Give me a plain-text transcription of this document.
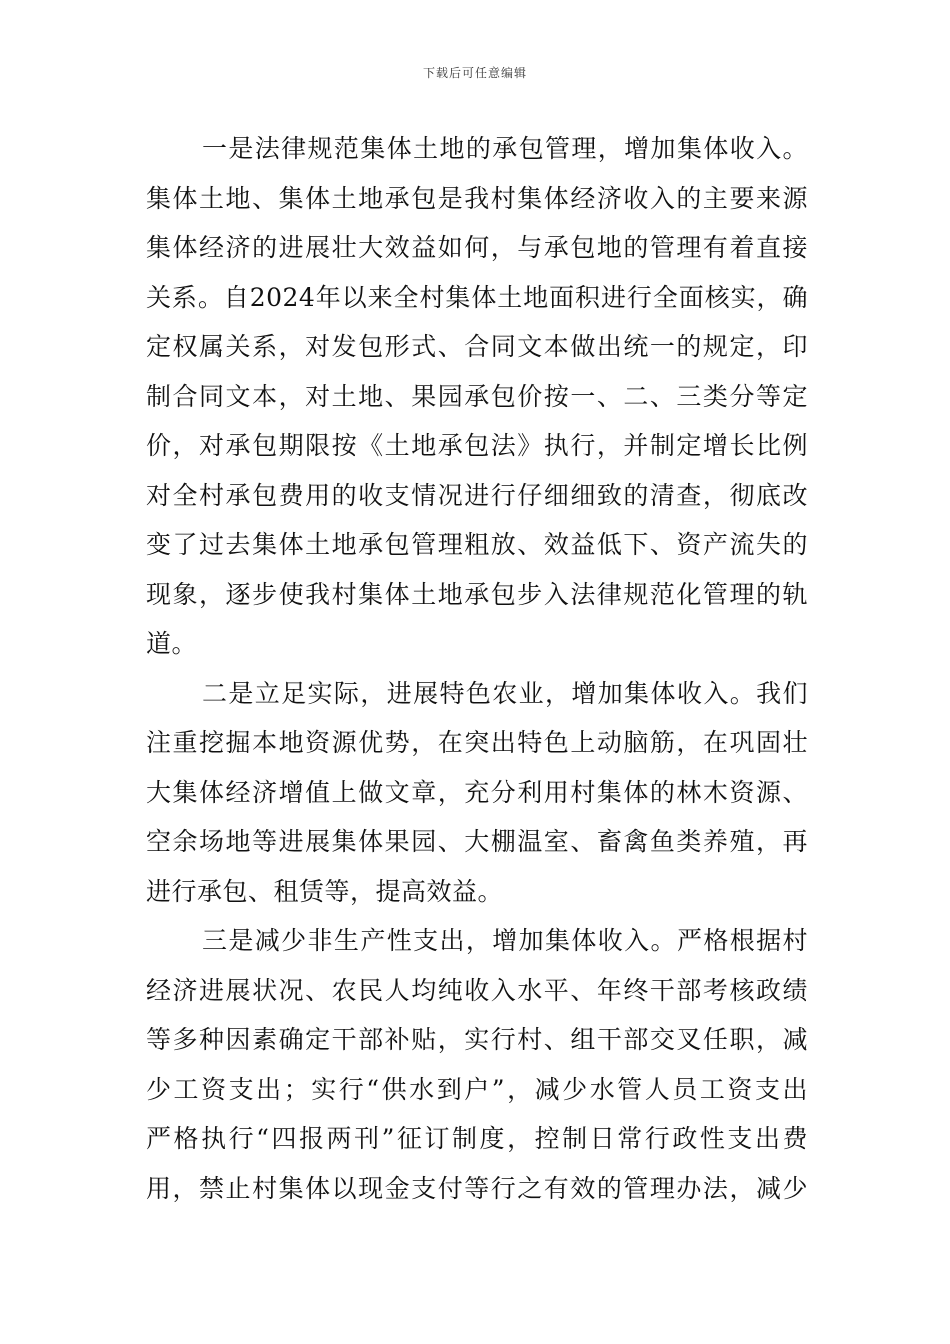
下载后可任意编辑
一是法律规范集体土地的承包管理，增加集体收入。
集体土地、集体土地承包是我村集体经济收入的主要来源
集体经济的进展壮大效益如何，与承包地的管理有着直接
关系。自2024年以来全村集体土地面积进行全面核实，确
定权属关系，对发包形式、合同文本做出统一的规定，印
制合同文本，对土地、果园承包价按一、二、三类分等定
价，对承包期限按《土地承包法》执行，并制定增长比例
对全村承包费用的收支情况进行仔细细致的清查，彻底改
变了过去集体土地承包管理粗放、效益低下、资产流失的
现象，逐步使我村集体土地承包步入法律规范化管理的轨
道。
二是立足实际，进展特色农业，增加集体收入。我们
注重挖掘本地资源优势，在突出特色上动脑筋，在巩固壮
大集体经济增值上做文章，充分利用村集体的林木资源、
空余场地等进展集体果园、大棚温室、畜禽鱼类养殖，再
进行承包、租赁等，提高效益。
三是减少非生产性支出，增加集体收入。严格根据村
经济进展状况、农民人均纯收入水平、年终干部考核政绩
等多种因素确定干部补贴，实行村、组干部交叉任职，减
少工资支出；实行“供水到户”，减少水管人员工资支出
严格执行“四报两刊”征订制度，控制日常行政性支出费
用，禁止村集体以现金支付等行之有效的管理办法，减少
